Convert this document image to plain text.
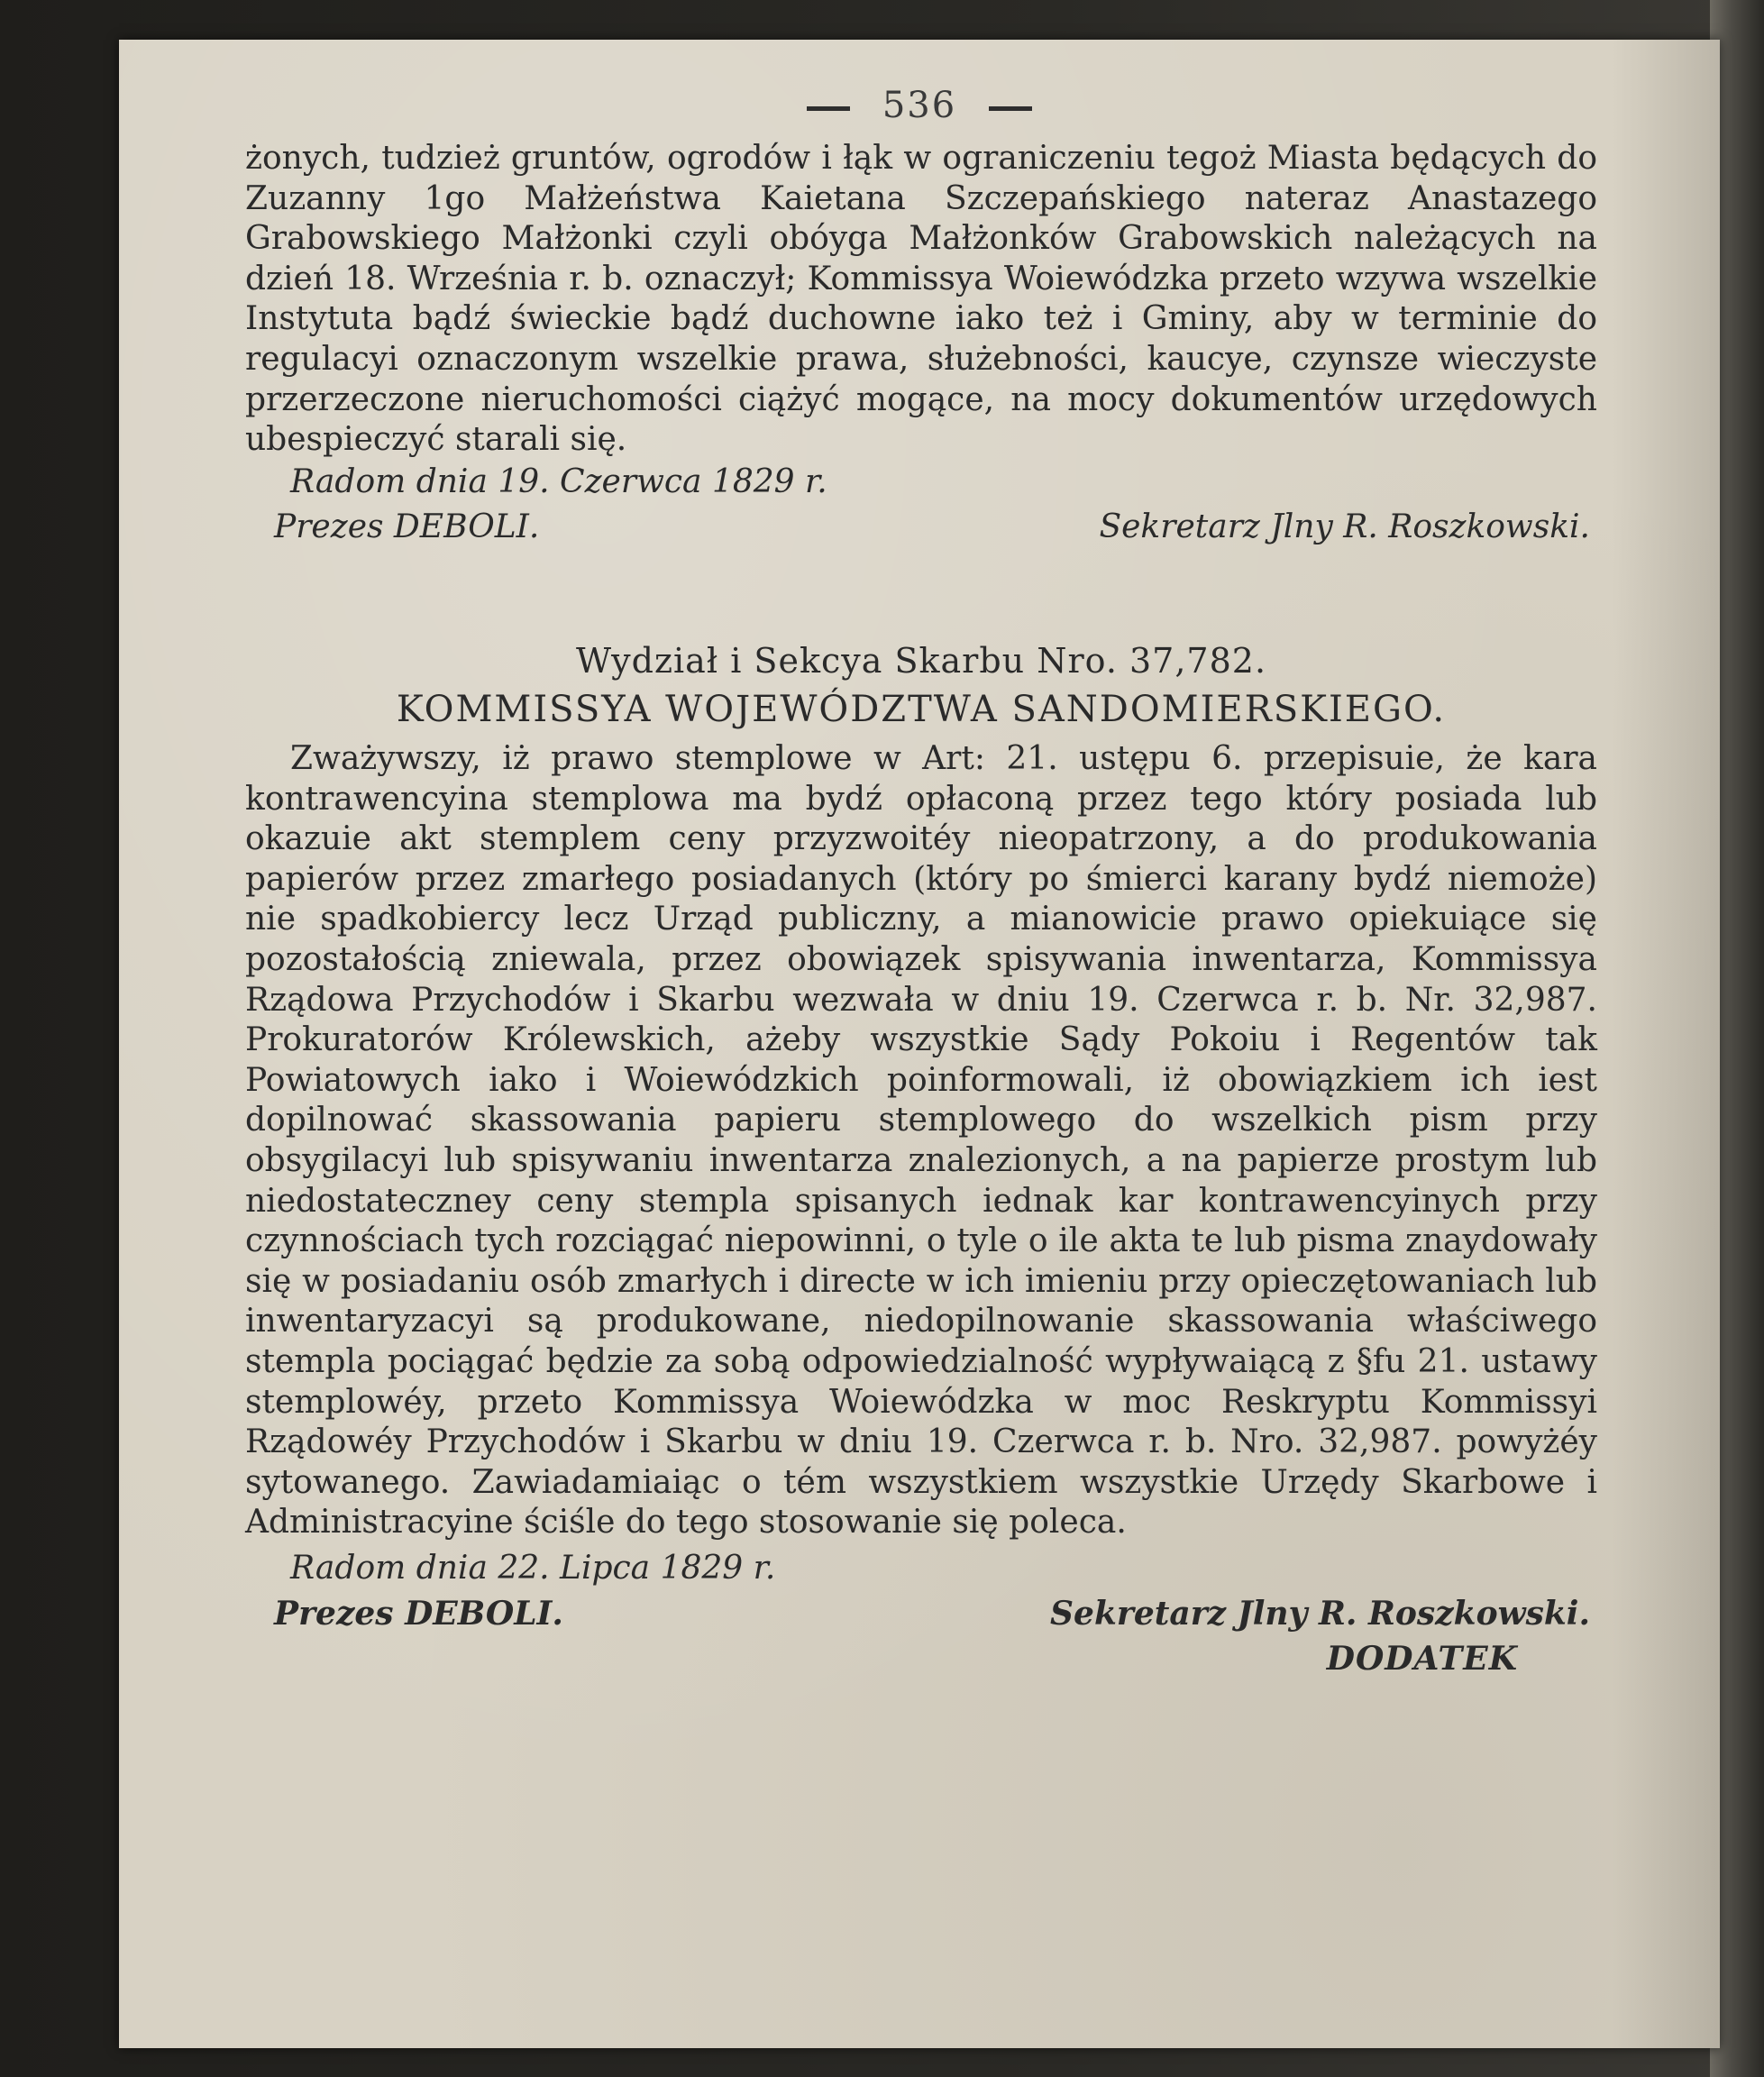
536

żonych, tudzież gruntów, ogrodów i łąk w ograniczeniu tegoż Miasta będących do Zuzanny 1go Małżeństwa Kaietana Szczepańskiego nateraz Anastazego Grabowskiego Małżonki czyli obóyga Małżonków Grabowskich należących na dzień 18. Września r. b. oznaczył; Kommissya Woiewódzka przeto wzywa wszelkie Instytuta bądź świeckie bądź duchowne iako też i Gminy, aby w terminie do regulacyi oznaczonym wszelkie prawa, służebności, kaucye, czynsze wieczyste przerzeczone nieruchomości ciążyć mogące, na mocy dokumentów urzędowych ubespieczyć starali się.

Radom dnia 19. Czerwca 1829 r.
Prezes DEBOLI.	Sekretarz Jlny R. Roszkowski.
Wydział i Sekcya Skarbu Nro. 37,782.
KOMMISSYA WOJEWÓDZTWA SANDOMIERSKIEGO.

Zważywszy, iż prawo stemplowe w Art: 21. ustępu 6. przepisuie, że kara kontrawencyina stemplowa ma bydź opłaconą przez tego który posiada lub okazuie akt stemplem ceny przyzwoitéy nieopatrzony, a do produkowania papierów przez zmarłego posiadanych (który po śmierci karany bydź niemoże) nie spadkobiercy lecz Urząd publiczny, a mianowicie prawo opiekuiące się pozostałością zniewala, przez obowiązek spisywania inwentarza, Kommissya Rządowa Przychodów i Skarbu wezwała w dniu 19. Czerwca r. b. Nr. 32,987. Prokuratorów Królewskich, ażeby wszystkie Sądy Pokoiu i Regentów tak Powiatowych iako i Woiewódzkich poinformowali, iż obowiązkiem ich iest dopilnować skassowania papieru stemplowego do wszelkich pism przy obsygilacyi lub spisywaniu inwentarza znalezionych, a na papierze prostym lub niedostateczney ceny stempla spisanych iednak kar kontrawencyinych przy czynnościach tych rozciągać niepowinni, o tyle o ile akta te lub pisma znaydowały się w posiadaniu osób zmarłych i directe w ich imieniu przy opieczętowaniach lub inwentaryzacyi są produkowane, niedopilnowanie skassowania właściwego stempla pociągać będzie za sobą odpowiedzialność wypływaiącą z §fu 21. ustawy stemplowéy, przeto Kommissya Woiewódzka w moc Reskryptu Kommissyi Rządowéy Przychodów i Skarbu w dniu 19. Czerwca r. b. Nro. 32,987. powyżéy sytowanego. Zawiadamiaiąc o tém wszystkiem wszystkie Urzędy Skarbowe i Administracyine ściśle do tego stosowanie się poleca.

Radom dnia 22. Lipca 1829 r.
Prezes DEBOLI.	Sekretarz Jlny R. Roszkowski.
DODATEK
